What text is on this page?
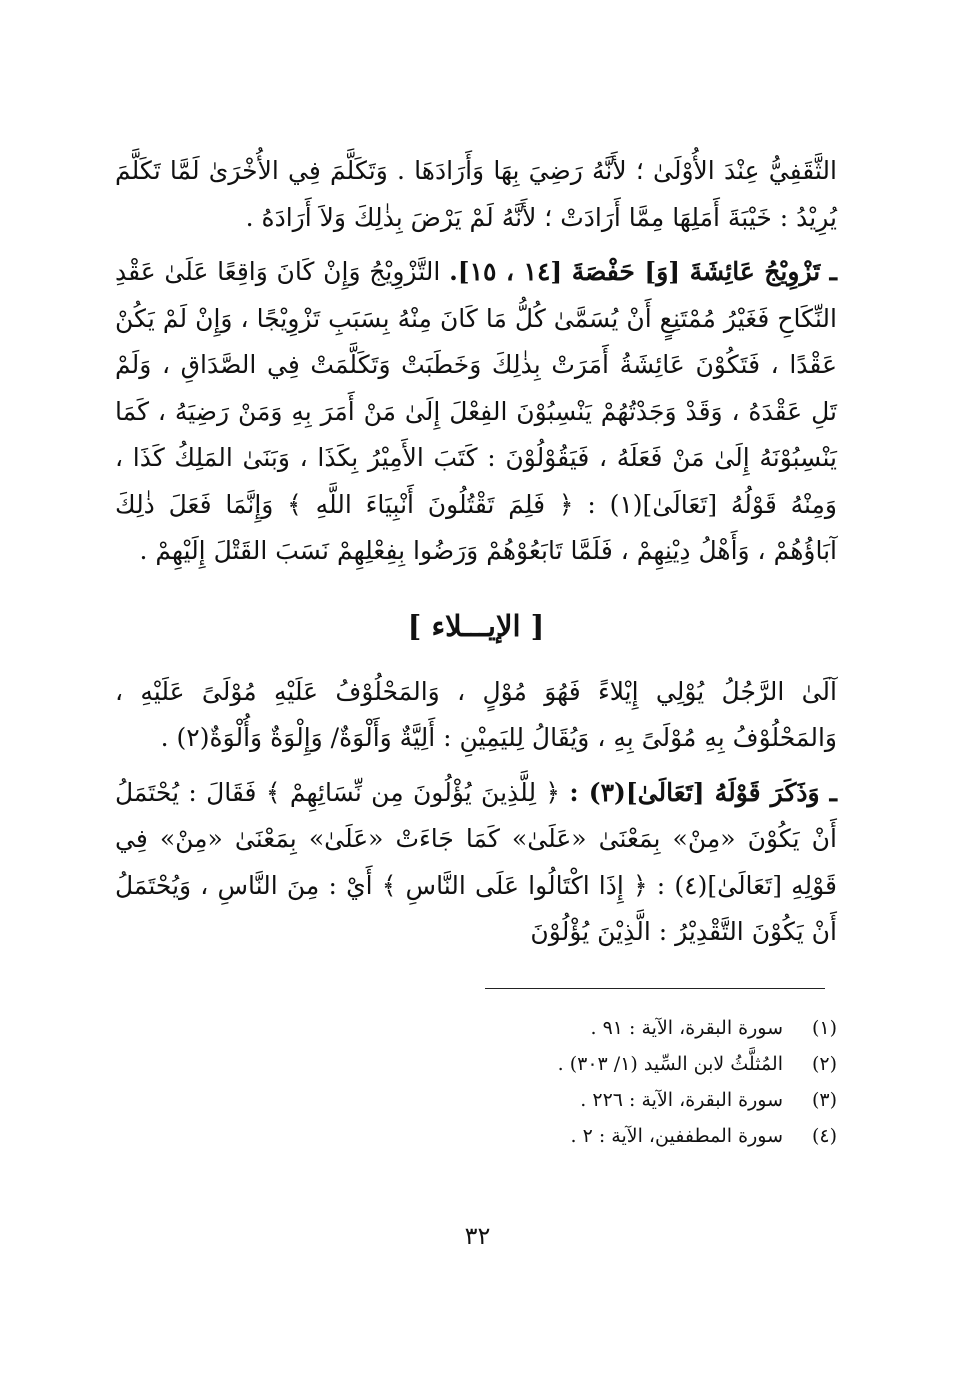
الثَّقَفِيُّ عِنْدَ الأُوْلَىٰ ؛ لأَنَّهُ رَضِيَ بِهَا وَأَرَادَهَا . وَتَكَلَّمَ فِي الأُخْرَىٰ لَمَّا تَكَلَّمَ يُرِيْدُ : خَيْبَةَ أَمَلِهَا مِمَّا أَرَادَتْ ؛ لأَنَّهُ لَمْ يَرْضَ بِذٰلِكَ وَلاَ أَرَادَهُ .

ـ تَزْوِيْجُ عَائِشَةَ [وَ] حَفْصَةَ [١٤ ، ١٥]. التَّزْوِيْجُ وَإِنْ كَانَ وَاقِعًا عَلَىٰ عَقْدِ النِّكَاحِ فَغَيْرُ مُمْتَنِعٍ أَنْ يُسَمَّىٰ كُلُّ مَا كَانَ مِنْهُ بِسَبَبِ تَزْوِيْجًا ، وَإِنْ لَمْ يَكُنْ عَقْدًا ، فَتَكُوْنَ عَائِشَةُ أَمَرَتْ بِذٰلِكَ وَخَطَبَتْ وَتَكَلَّمَتْ فِي الصَّدَاقِ ، وَلَمْ تَلِ عَقْدَهُ ، وَقَدْ وَجَدْتُهُمْ يَنْسِبُوْنَ الفِعْلَ إِلَىٰ مَنْ أَمَرَ بِهِ وَمَنْ رَضِيَهُ ، كَمَا يَنْسِبُوْنَهُ إِلَىٰ مَنْ فَعَلَهُ ، فَيَقُوْلُوْنَ : كَتَبَ الأَمِيْرُ بِكَذَا ، وَبَنَىٰ المَلِكُ كَذَا ، وَمِنْهُ قَوْلُهُ [تَعَالَىٰ](١) : ﴿ فَلِمَ تَقْتُلُونَ أَنْبِيَاءَ اللَّهِ ﴾ وَإِنَّمَا فَعَلَ ذٰلِكَ آبَاؤُهُمْ ، وَأَهْلُ دِيْنِهِمْ ، فَلَمَّا تَابَعُوْهُمْ وَرَضُوا بِفِعْلِهِمْ نَسَبَ القَتْلَ إِلَيْهِمْ .

[ الإيـــلاء ]

آلَىٰ الرَّجُلُ يُوْلِي إِيْلاءً فَهُوَ مُوْلٍ ، وَالمَحْلُوْفُ عَلَيْهِ مُوْلَىً عَلَيْهِ ، وَالمَحْلُوْفُ بِهِ مُوْلَىً بِهِ ، وَيُقَالُ لِليَمِيْنِ : أَلِيَّةٌ وَأَلْوَةٌ/ وَإِلْوَةٌ وَأُلْوَةٌ(٢) .

ـ وَذَكَرَ قَوْلَهُ [تَعَالَىٰ](٣) : ﴿ لِلَّذِينَ يُؤْلُونَ مِن نِّسَائِهِمْ ﴾ فَقَالَ : يُحْتَمَلُ أَنْ يَكُوْنَ «مِنْ» بِمَعْنَىٰ «عَلَىٰ» كَمَا جَاءَتْ «عَلَىٰ» بِمَعْنَىٰ «مِنْ» فِي قَوْلِهِ [تَعَالَىٰ](٤) : ﴿ إِذَا اكْتَالُوا عَلَى النَّاسِ ﴾ أَيْ : مِنَ النَّاسِ ، وَيُحْتَمَلُ أَنْ يَكُوْنَ التَّقْدِيْرُ : الَّذِيْنَ يُؤْلُوْنَ

(١)
سورة البقرة، الآية : ٩١ .
(٢)
المُثلَّثُ لابن السِّيد (١/ ٣٠٣) .
(٣)
سورة البقرة، الآية : ٢٢٦ .
(٤)
سورة المطففين، الآية : ٢ .
٣٢
